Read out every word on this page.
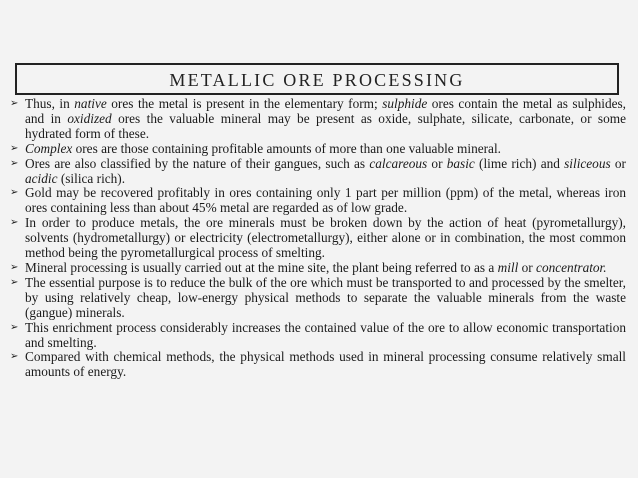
METALLIC ORE PROCESSING
➢ Thus, in native ores the metal is present in the elementary form; sulphide ores contain the metal as sulphides, and in oxidized ores the valuable mineral may be present as oxide, sulphate, silicate, carbonate, or some hydrated form of these.
➢ Complex ores are those containing profitable amounts of more than one valuable mineral.
➢ Ores are also classified by the nature of their gangues, such as calcareous or basic (lime rich) and siliceous or acidic (silica rich).
➢ Gold may be recovered profitably in ores containing only 1 part per million (ppm) of the metal, whereas iron ores containing less than about 45% metal are regarded as of low grade.
➢ In order to produce metals, the ore minerals must be broken down by the action of heat (pyrometallurgy), solvents (hydrometallurgy) or electricity (electrometallurgy), either alone or in combination, the most common method being the pyrometallurgical process of smelting.
➢ Mineral processing is usually carried out at the mine site, the plant being referred to as a mill or concentrator.
➢ The essential purpose is to reduce the bulk of the ore which must be transported to and processed by the smelter, by using relatively cheap, low-energy physical methods to separate the valuable minerals from the waste (gangue) minerals.
➢ This enrichment process considerably increases the contained value of the ore to allow economic transportation and smelting.
➢ Compared with chemical methods, the physical methods used in mineral processing consume relatively small amounts of energy.
